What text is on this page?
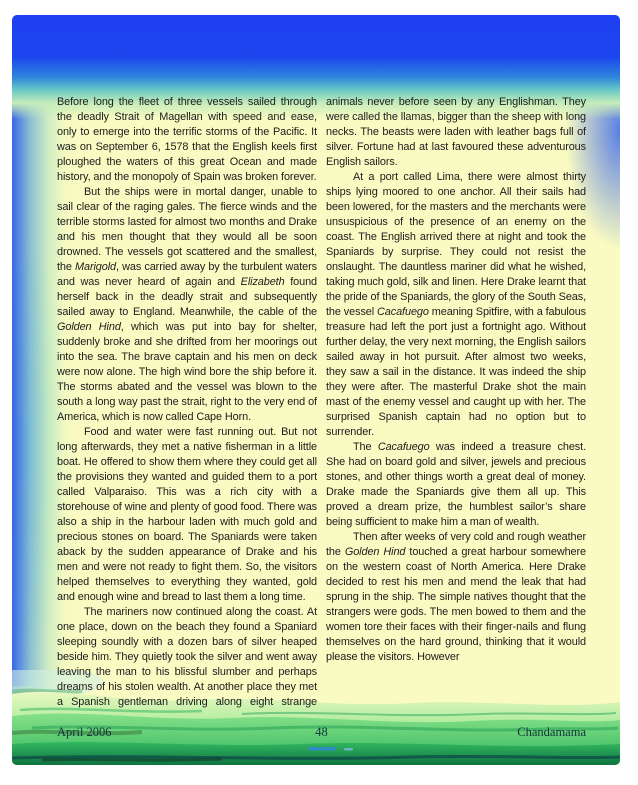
Before long the fleet of three vessels sailed through the deadly Strait of Magellan with speed and ease, only to emerge into the terrific storms of the Pacific. It was on September 6, 1578 that the English keels first ploughed the waters of this great Ocean and made history, and the monopoly of Spain was broken forever.

But the ships were in mortal danger, unable to sail clear of the raging gales. The fierce winds and the terrible storms lasted for almost two months and Drake and his men thought that they would all be soon drowned. The vessels got scattered and the smallest, the Marigold, was carried away by the turbulent waters and was never heard of again and Elizabeth found herself back in the deadly strait and subsequently sailed away to England. Meanwhile, the cable of the Golden Hind, which was put into bay for shelter, suddenly broke and she drifted from her moorings out into the sea. The brave captain and his men on deck were now alone. The high wind bore the ship before it. The storms abated and the vessel was blown to the south a long way past the strait, right to the very end of America, which is now called Cape Horn.

Food and water were fast running out. But not long afterwards, they met a native fisherman in a little boat. He offered to show them where they could get all the provisions they wanted and guided them to a port called Valparaiso. This was a rich city with a storehouse of wine and plenty of good food. There was also a ship in the harbour laden with much gold and precious stones on board. The Spaniards were taken aback by the sudden appearance of Drake and his men and were not ready to fight them. So, the visitors helped themselves to everything they wanted, gold and enough wine and bread to last them a long time.

The mariners now continued along the coast. At one place, down on the beach they found a Spaniard sleeping soundly with a dozen bars of silver heaped beside him. They quietly took the silver and went away leaving the man to his blissful slumber and perhaps dreams of his stolen wealth. At another place they met a Spanish gentleman driving along eight strange animals never before seen by any Englishman. They were called the llamas, bigger than the sheep with long necks. The beasts were laden with leather bags full of silver. Fortune had at last favoured these adventurous English sailors.

At a port called Lima, there were almost thirty ships lying moored to one anchor. All their sails had been lowered, for the masters and the merchants were unsuspicious of the presence of an enemy on the coast. The English arrived there at night and took the Spaniards by surprise. They could not resist the onslaught. The dauntless mariner did what he wished, taking much gold, silk and linen. Here Drake learnt that the pride of the Spaniards, the glory of the South Seas, the vessel Cacafuego meaning Spitfire, with a fabulous treasure had left the port just a fortnight ago. Without further delay, the very next morning, the English sailors sailed away in hot pursuit. After almost two weeks, they saw a sail in the distance. It was indeed the ship they were after. The masterful Drake shot the main mast of the enemy vessel and caught up with her. The surprised Spanish captain had no option but to surrender.

The Cacafuego was indeed a treasure chest. She had on board gold and silver, jewels and precious stones, and other things worth a great deal of money. Drake made the Spaniards give them all up. This proved a dream prize, the humblest sailor’s share being sufficient to make him a man of wealth.

Then after weeks of very cold and rough weather the Golden Hind touched a great harbour somewhere on the western coast of North America. Here Drake decided to rest his men and mend the leak that had sprung in the ship. The simple natives thought that the strangers were gods. The men bowed to them and the women tore their faces with their finger-nails and flung themselves on the hard ground, thinking that it would please the visitors. However

April 2006	48	Chandamama
